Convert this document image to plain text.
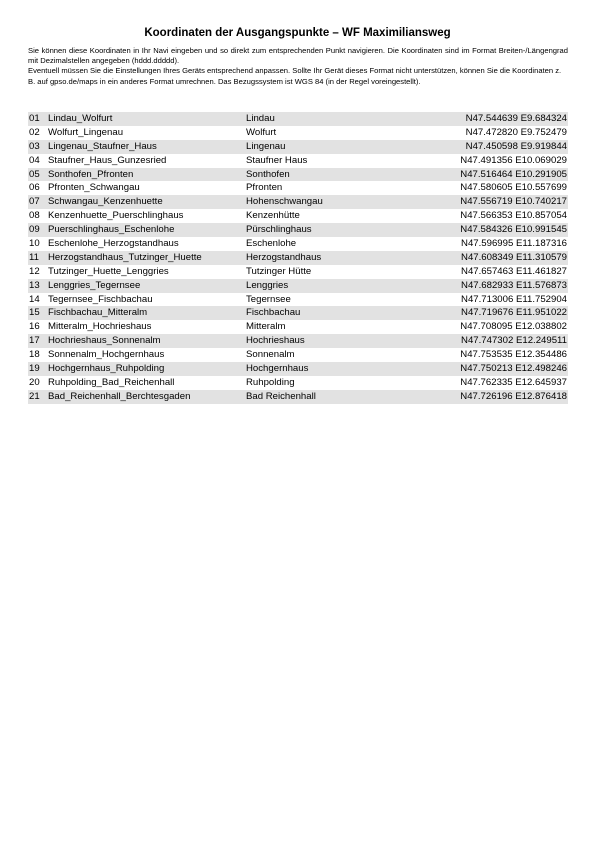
Koordinaten der Ausgangspunkte – WF Maximiliansweg

Sie können diese Koordinaten in Ihr Navi eingeben und so direkt zum entsprechenden Punkt navigieren. Die Koordinaten sind im Format Breiten-/Längengrad mit Dezimalstellen angegeben (hddd.ddddd).

Eventuell müssen Sie die Einstellungen Ihres Geräts entsprechend anpassen. Sollte Ihr Gerät dieses Format nicht unterstützen, können Sie die Koordinaten z. B. auf gpso.de/maps in ein anderes Format umrechnen. Das Bezugssystem ist WGS 84 (in der Regel voreingestellt).

01 Lindau_Wolfurt	Lindau	N47.544639 E9.684324
02 Wolfurt_Lingenau	Wolfurt	N47.472820 E9.752479
03 Lingenau_Staufner_Haus	Lingenau	N47.450598 E9.919844
04 Staufner_Haus_Gunzesried	Staufner Haus	N47.491356 E10.069029
05 Sonthofen_Pfronten	Sonthofen	N47.516464 E10.291905
06 Pfronten_Schwangau	Pfronten	N47.580605 E10.557699
07 Schwangau_Kenzenhuette	Hohenschwangau	N47.556719 E10.740217
08 Kenzenhuette_Puerschlinghaus	Kenzenhütte	N47.566353 E10.857054
09 Puerschlinghaus_Eschenlohe	Pürschlinghaus	N47.584326 E10.991545
10 Eschenlohe_Herzogstandhaus	Eschenlohe	N47.596995 E11.187316
11 Herzogstandhaus_Tutzinger_Huette	Herzogstandhaus	N47.608349 E11.310579
12 Tutzinger_Huette_Lenggries	Tutzinger Hütte	N47.657463 E11.461827
13 Lenggries_Tegernsee	Lenggries	N47.682933 E11.576873
14 Tegernsee_Fischbachau	Tegernsee	N47.713006 E11.752904
15 Fischbachau_Mitteralm	Fischbachau	N47.719676 E11.951022
16 Mitteralm_Hochrieshaus	Mitteralm	N47.708095 E12.038802
17 Hochrieshaus_Sonnenalm	Hochrieshaus	N47.747302 E12.249511
18 Sonnenalm_Hochgernhaus	Sonnenalm	N47.753535 E12.354486
19 Hochgernhaus_Ruhpolding	Hochgernhaus	N47.750213 E12.498246
20 Ruhpolding_Bad_Reichenhall	Ruhpolding	N47.762335 E12.645937
21 Bad_Reichenhall_Berchtesgaden	Bad Reichenhall	N47.726196 E12.876418
